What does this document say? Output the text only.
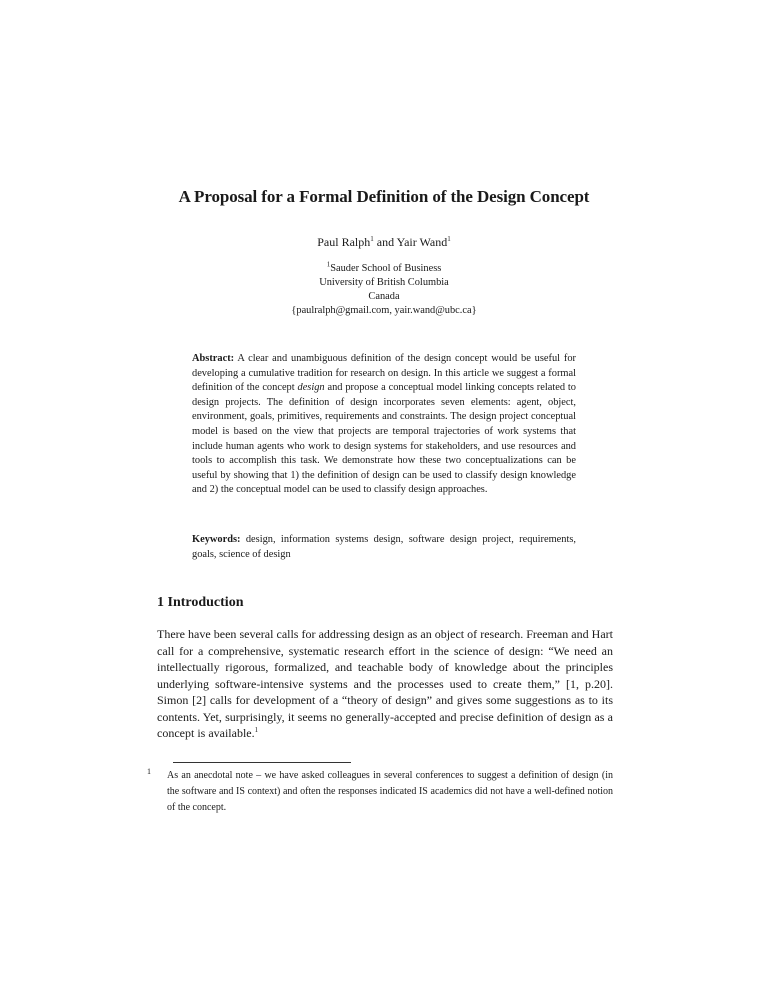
A Proposal for a Formal Definition of the Design Concept
Paul Ralph$^1$ and Yair Wand$^1$
$^1$Sauder School of Business
University of British Columbia
Canada
{paulralph@gmail.com, yair.wand@ubc.ca}
Abstract: A clear and unambiguous definition of the design concept would be useful for developing a cumulative tradition for research on design. In this article we suggest a formal definition of the concept design and propose a conceptual model linking concepts related to design projects. The definition of design incorporates seven elements: agent, object, environment, goals, primitives, requirements and constraints. The design project conceptual model is based on the view that projects are temporal trajectories of work systems that include human agents who work to design systems for stakeholders, and use resources and tools to accomplish this task. We demonstrate how these two conceptualizations can be useful by showing that 1) the definition of design can be used to classify design knowledge and 2) the conceptual model can be used to classify design approaches.
Keywords: design, information systems design, software design project, requirements, goals, science of design
1 Introduction
There have been several calls for addressing design as an object of research. Freeman and Hart call for a comprehensive, systematic research effort in the science of design: “We need an intellectually rigorous, formalized, and teachable body of knowledge about the principles underlying software-intensive systems and the processes used to create them,” [1, p.20]. Simon [2] calls for development of a “theory of design” and gives some suggestions as to its contents. Yet, surprisingly, it seems no generally-accepted and precise definition of design as a concept is available.$^1$
1 As an anecdotal note – we have asked colleagues in several conferences to suggest a definition of design (in the software and IS context) and often the responses indicated IS academics did not have a well-defined notion of the concept.
